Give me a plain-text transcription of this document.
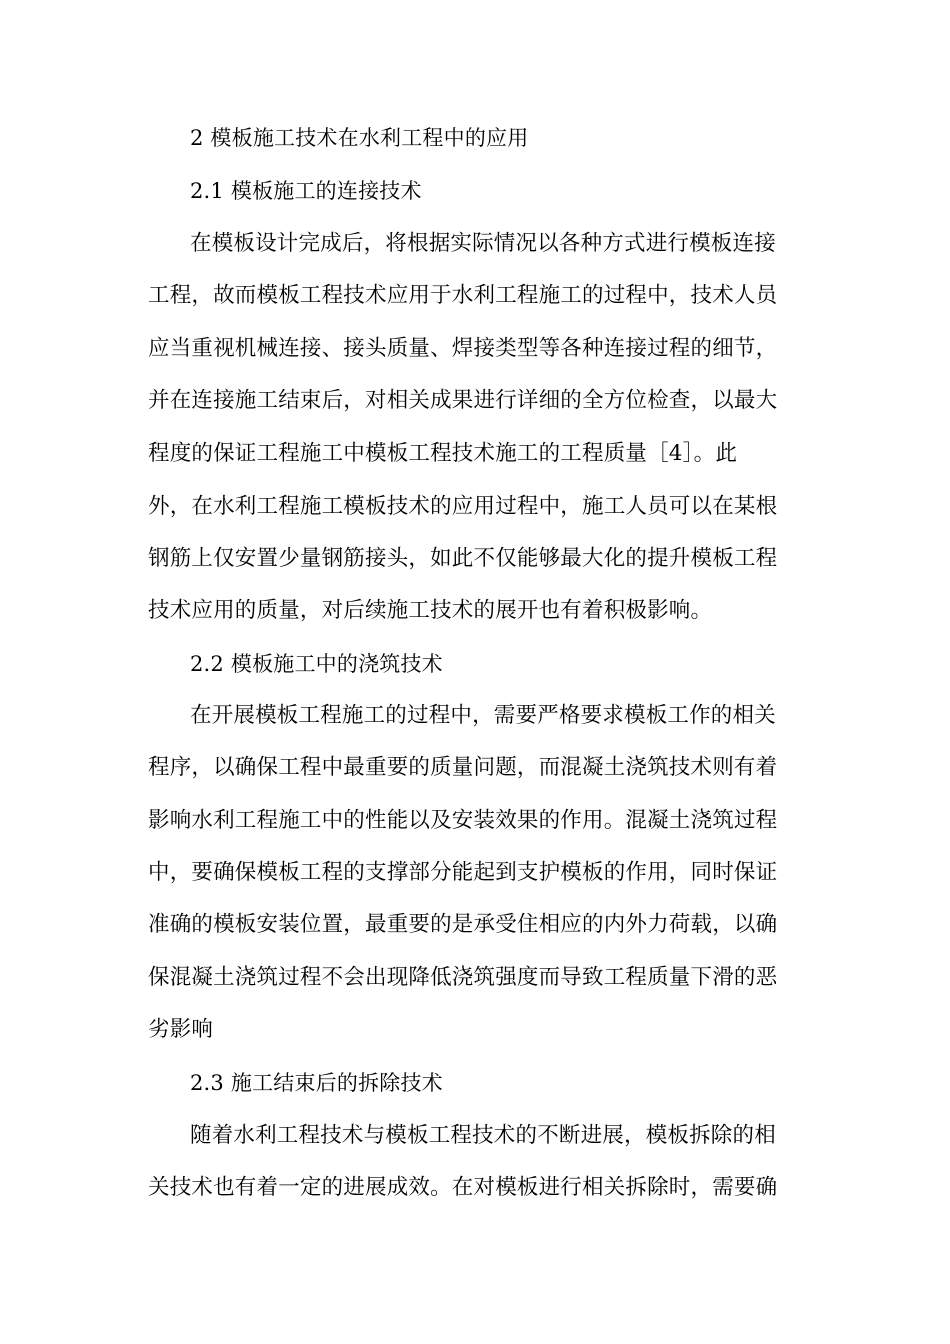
2 模板施工技术在水利工程中的应用
2.1 模板施工的连接技术
在模板设计完成后，将根据实际情况以各种方式进行模板连接
工程，故而模板工程技术应用于水利工程施工的过程中，技术人员
应当重视机械连接、接头质量、焊接类型等各种连接过程的细节，
并在连接施工结束后，对相关成果进行详细的全方位检查，以最大
程度的保证工程施工中模板工程技术施工的工程质量［4］。此
外，在水利工程施工模板技术的应用过程中，施工人员可以在某根
钢筋上仅安置少量钢筋接头，如此不仅能够最大化的提升模板工程
技术应用的质量，对后续施工技术的展开也有着积极影响。
2.2 模板施工中的浇筑技术
在开展模板工程施工的过程中，需要严格要求模板工作的相关
程序，以确保工程中最重要的质量问题，而混凝土浇筑技术则有着
影响水利工程施工中的性能以及安装效果的作用。混凝土浇筑过程
中，要确保模板工程的支撑部分能起到支护模板的作用，同时保证
准确的模板安装位置，最重要的是承受住相应的内外力荷载，以确
保混凝土浇筑过程不会出现降低浇筑强度而导致工程质量下滑的恶
劣影响
2.3 施工结束后的拆除技术
随着水利工程技术与模板工程技术的不断进展，模板拆除的相
关技术也有着一定的进展成效。在对模板进行相关拆除时，需要确
